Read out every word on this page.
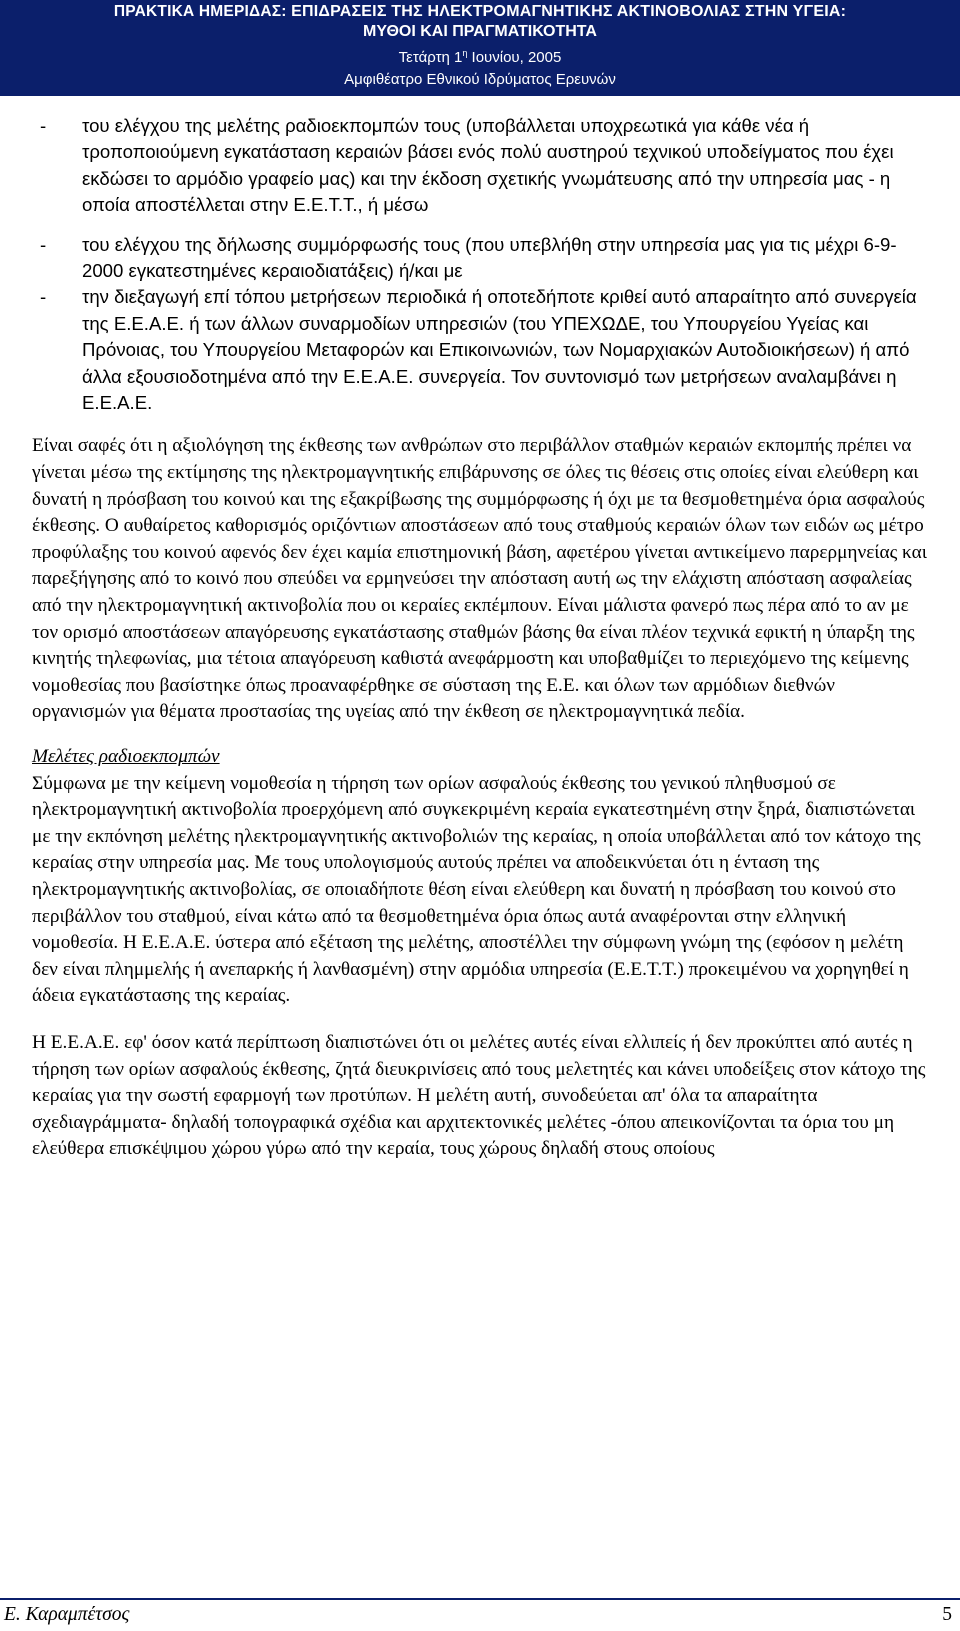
ΠΡΑΚΤΙΚΑ ΗΜΕΡΙΔΑΣ: ΕΠΙΔΡΑΣΕΙΣ ΤΗΣ ΗΛΕΚΤΡΟΜΑΓΝΗΤΙΚΗΣ ΑΚΤΙΝΟΒΟΛΙΑΣ ΣΤΗΝ ΥΓΕΙΑ:
ΜΥΘΟΙ ΚΑΙ ΠΡΑΓΜΑΤΙΚΟΤΗΤΑ
Τετάρτη $1^\eta$ Ιουνίου, 2005
Αμφιθέατρο Εθνικού Ιδρύματος Ερευνών
-	του ελέγχου της μελέτης ραδιοεκπομπών τους (υποβάλλεται υποχρεωτικά για κάθε νέα ή τροποποιούμενη εγκατάσταση κεραιών βάσει ενός πολύ αυστηρού τεχνικού υποδείγματος που έχει εκδώσει το αρμόδιο γραφείο μας) και την έκδοση σχετικής γνωμάτευσης από την υπηρεσία μας - η οποία αποστέλλεται στην Ε.Ε.Τ.Τ., ή μέσω
-	του ελέγχου της δήλωσης συμμόρφωσής τους (που υπεβλήθη στην υπηρεσία μας για τις μέχρι 6-9-2000 εγκατεστημένες κεραιοδιατάξεις) ή/και με
-	την διεξαγωγή επί τόπου μετρήσεων περιοδικά ή οποτεδήποτε κριθεί αυτό απαραίτητο από συνεργεία της Ε.Ε.Α.Ε. ή των άλλων συναρμοδίων υπηρεσιών (του ΥΠΕΧΩΔΕ, του Υπουργείου Υγείας και Πρόνοιας, του Υπουργείου Μεταφορών και Επικοινωνιών, των Νομαρχιακών Αυτοδιοικήσεων) ή από άλλα εξουσιοδοτημένα από την Ε.Ε.Α.Ε. συνεργεία. Τον συντονισμό των μετρήσεων αναλαμβάνει η Ε.Ε.Α.Ε.
Είναι σαφές ότι η αξιολόγηση της έκθεσης των ανθρώπων στο περιβάλλον σταθμών κεραιών εκπομπής πρέπει να γίνεται μέσω της εκτίμησης της ηλεκτρομαγνητικής επιβάρυνσης σε όλες τις θέσεις στις οποίες είναι ελεύθερη και δυνατή η πρόσβαση του κοινού και της εξακρίβωσης της συμμόρφωσης ή όχι με τα θεσμοθετημένα όρια ασφαλούς έκθεσης. Ο αυθαίρετος καθορισμός οριζόντιων αποστάσεων από τους σταθμούς κεραιών όλων των ειδών ως μέτρο προφύλαξης του κοινού αφενός δεν έχει καμία επιστημονική βάση, αφετέρου γίνεται αντικείμενο παρερμηνείας και παρεξήγησης από το κοινό που σπεύδει να ερμηνεύσει την απόσταση αυτή ως την ελάχιστη απόσταση ασφαλείας από την ηλεκτρομαγνητική ακτινοβολία που οι κεραίες εκπέμπουν. Είναι μάλιστα φανερό πως πέρα από το αν με τον ορισμό αποστάσεων απαγόρευσης εγκατάστασης σταθμών βάσης θα είναι πλέον τεχνικά εφικτή η ύπαρξη της κινητής τηλεφωνίας, μια τέτοια απαγόρευση καθιστά ανεφάρμοστη και υποβαθμίζει το περιεχόμενο της κείμενης νομοθεσίας που βασίστηκε όπως προαναφέρθηκε σε σύσταση της Ε.Ε. και όλων των αρμόδιων διεθνών οργανισμών για θέματα προστασίας της υγείας από την έκθεση σε ηλεκτρομαγνητικά πεδία.
Μελέτες ραδιοεκπομπών
Σύμφωνα με την κείμενη νομοθεσία η τήρηση των ορίων ασφαλούς έκθεσης του γενικού πληθυσμού σε ηλεκτρομαγνητική ακτινοβολία προερχόμενη από συγκεκριμένη κεραία εγκατεστημένη στην ξηρά, διαπιστώνεται με την εκπόνηση μελέτης ηλεκτρομαγνητικής ακτινοβολιών της κεραίας, η οποία υποβάλλεται από τον κάτοχο της κεραίας στην υπηρεσία μας. Με τους υπολογισμούς αυτούς πρέπει να αποδεικνύεται ότι η ένταση της ηλεκτρομαγνητικής ακτινοβολίας, σε οποιαδήποτε θέση είναι ελεύθερη και δυνατή η πρόσβαση του κοινού στο περιβάλλον του σταθμού, είναι κάτω από τα θεσμοθετημένα όρια όπως αυτά αναφέρονται στην ελληνική νομοθεσία. Η Ε.Ε.Α.Ε. ύστερα από εξέταση της μελέτης, αποστέλλει την σύμφωνη γνώμη της (εφόσον η μελέτη δεν είναι πλημμελής ή ανεπαρκής ή λανθασμένη) στην αρμόδια υπηρεσία (Ε.Ε.Τ.Τ.) προκειμένου να χορηγηθεί η άδεια εγκατάστασης της κεραίας.
Η Ε.Ε.Α.Ε. εφ' όσον κατά περίπτωση διαπιστώνει ότι οι μελέτες αυτές είναι ελλιπείς ή δεν προκύπτει από αυτές η τήρηση των ορίων ασφαλούς έκθεσης, ζητά διευκρινίσεις από τους μελετητές και κάνει υποδείξεις στον κάτοχο της κεραίας για την σωστή εφαρμογή των προτύπων. Η μελέτη αυτή, συνοδεύεται απ' όλα τα απαραίτητα σχεδιαγράμματα- δηλαδή τοπογραφικά σχέδια και αρχιτεκτονικές μελέτες -όπου απεικονίζονται τα όρια του μη ελεύθερα επισκέψιμου χώρου γύρω από την κεραία, τους χώρους δηλαδή στους οποίους
Ε. Καραμπέτσος	5
